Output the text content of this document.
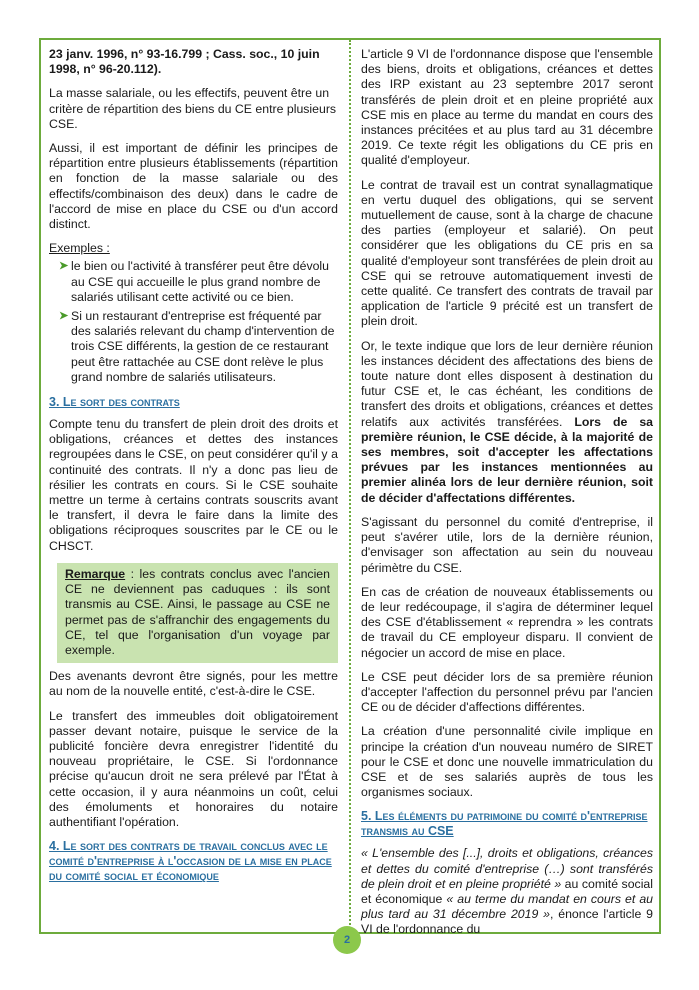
23 janv. 1996, n° 93-16.799 ; Cass. soc., 10 juin 1998, n° 96-20.112).

La masse salariale, ou les effectifs, peuvent être un critère de répartition des biens du CE entre plusieurs CSE.

Aussi, il est important de définir les principes de répartition entre plusieurs établissements (répartition en fonction de la masse salariale ou des effectifs/combinaison des deux) dans le cadre de l'accord de mise en place du CSE ou d'un accord distinct.

Exemples :
➤ le bien ou l'activité à transférer peut être dévolu au CSE qui accueille le plus grand nombre de salariés utilisant cette activité ou ce bien.
➤ Si un restaurant d'entreprise est fréquenté par des salariés relevant du champ d'intervention de trois CSE différents, la gestion de ce restaurant peut être rattachée au CSE dont relève le plus grand nombre de salariés utilisateurs.
3. Le sort des contrats

Compte tenu du transfert de plein droit des droits et obligations, créances et dettes des instances regroupées dans le CSE, on peut considérer qu'il y a continuité des contrats. Il n'y a donc pas lieu de résilier les contrats en cours. Si le CSE souhaite mettre un terme à certains contrats souscrits avant le transfert, il devra le faire dans la limite des obligations réciproques souscrites par le CE ou le CHSCT.

Remarque : les contrats conclus avec l'ancien CE ne deviennent pas caduques : ils sont transmis au CSE. Ainsi, le passage au CSE ne permet pas de s'affranchir des engagements du CE, tel que l'organisation d'un voyage par exemple.

Des avenants devront être signés, pour les mettre au nom de la nouvelle entité, c'est-à-dire le CSE.

Le transfert des immeubles doit obligatoirement passer devant notaire, puisque le service de la publicité foncière devra enregistrer l'identité du nouveau propriétaire, le CSE. Si l'ordonnance précise qu'aucun droit ne sera prélevé par l'État à cette occasion, il y aura néanmoins un coût, celui des émoluments et honoraires du notaire authentifiant l'opération.

4. Le sort des contrats de travail conclus avec le comité d'entreprise à l'occasion de la mise en place du comité social et économique

L'article 9 VI de l'ordonnance dispose que l'ensemble des biens, droits et obligations, créances et dettes des IRP existant au 23 septembre 2017 seront transférés de plein droit et en pleine propriété aux CSE mis en place au terme du mandat en cours des instances précitées et au plus tard au 31 décembre 2019. Ce texte régit les obligations du CE pris en qualité d'employeur.

Le contrat de travail est un contrat synallagmatique en vertu duquel des obligations, qui se servent mutuellement de cause, sont à la charge de chacune des parties (employeur et salarié). On peut considérer que les obligations du CE pris en sa qualité d'employeur sont transférées de plein droit au CSE qui se retrouve automatiquement investi de cette qualité. Ce transfert des contrats de travail par application de l'article 9 précité est un transfert de plein droit.

Or, le texte indique que lors de leur dernière réunion les instances décident des affectations des biens de toute nature dont elles disposent à destination du futur CSE et, le cas échéant, les conditions de transfert des droits et obligations, créances et dettes relatifs aux activités transférées. Lors de sa première réunion, le CSE décide, à la majorité de ses membres, soit d'accepter les affectations prévues par les instances mentionnées au premier alinéa lors de leur dernière réunion, soit de décider d'affectations différentes.

S'agissant du personnel du comité d'entreprise, il peut s'avérer utile, lors de la dernière réunion, d'envisager son affectation au sein du nouveau périmètre du CSE.

En cas de création de nouveaux établissements ou de leur redécoupage, il s'agira de déterminer lequel des CSE d'établissement « reprendra » les contrats de travail du CE employeur disparu. Il convient de négocier un accord de mise en place.

Le CSE peut décider lors de sa première réunion d'accepter l'affection du personnel prévu par l'ancien CE ou de décider d'affections différentes.

La création d'une personnalité civile implique en principe la création d'un nouveau numéro de SIRET pour le CSE et donc une nouvelle immatriculation du CSE et de ses salariés auprès de tous les organismes sociaux.

5. Les éléments du patrimoine du comité d'entreprise transmis au CSE

« L'ensemble des [...], droits et obligations, créances et dettes du comité d'entreprise (…) sont transférés de plein droit et en pleine propriété » au comité social et économique « au terme du mandat en cours et au plus tard au 31 décembre 2019 », énonce l'article 9 VI de l'ordonnance du

2
